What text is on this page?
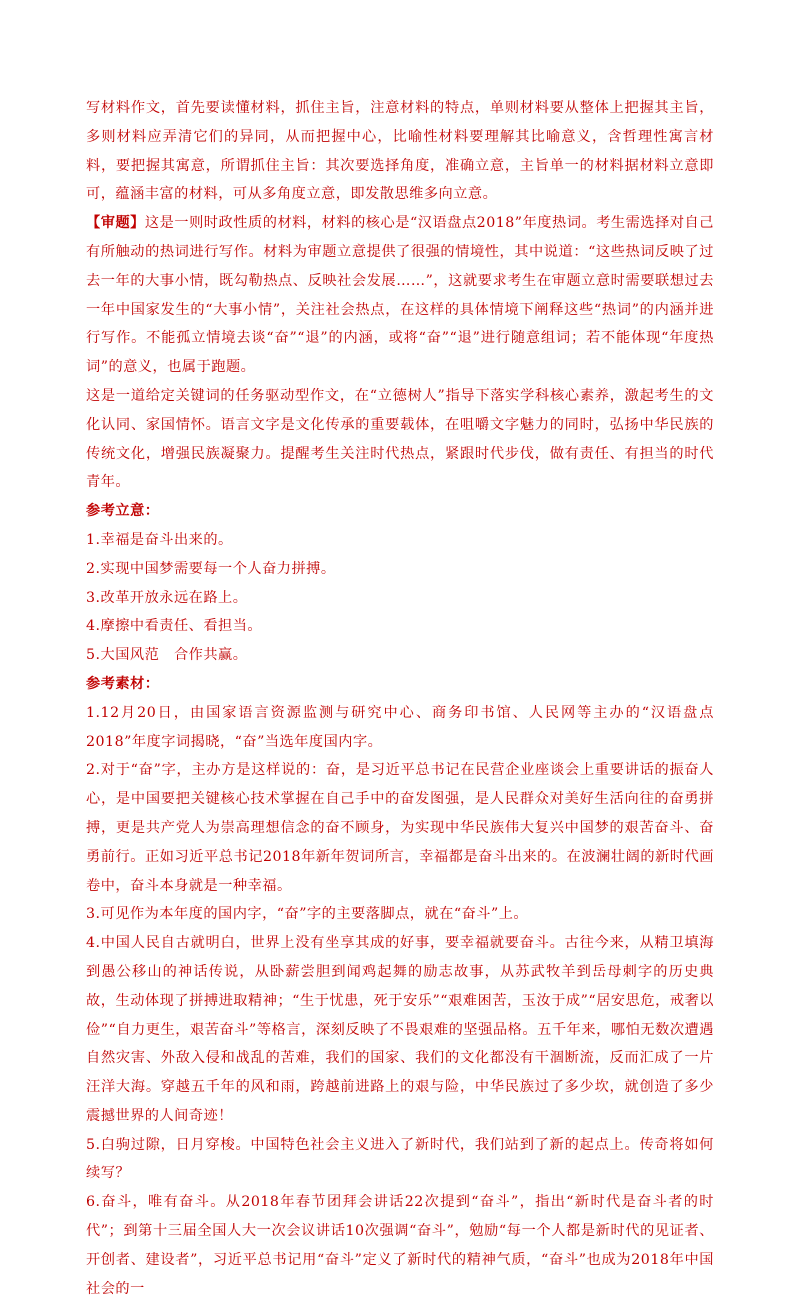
写材料作文，首先要读懂材料，抓住主旨，注意材料的特点，单则材料要从整体上把握其主旨，多则材料应弄清它们的异同，从而把握中心，比喻性材料要理解其比喻意义，含哲理性寓言材料，要把握其寓意，所谓抓住主旨：其次要选择角度，准确立意，主旨单一的材料据材料立意即可，蕴涵丰富的材料，可从多角度立意，即发散思维多向立意。

【审题】这是一则时政性质的材料，材料的核心是“汉语盘点2018”年度热词。考生需选择对自己有所触动的热词进行写作。材料为审题立意提供了很强的情境性，其中说道：“这些热词反映了过去一年的大事小情，既勾勒热点、反映社会发展……”，这就要求考生在审题立意时需要联想过去一年中国家发生的“大事小情”，关注社会热点，在这样的具体情境下阐释这些“热词”的内涵并进行写作。不能孤立情境去谈“奋”“退”的内涵，或将“奋”“退”进行随意组词；若不能体现“年度热词”的意义，也属于跑题。

这是一道给定关键词的任务驱动型作文，在“立德树人”指导下落实学科核心素养，激起考生的文化认同、家国情怀。语言文字是文化传承的重要载体，在咀嚼文字魅力的同时，弘扬中华民族的传统文化，增强民族凝聚力。提醒考生关注时代热点，紧跟时代步伐，做有责任、有担当的时代青年。

参考立意：

1.幸福是奋斗出来的。

2.实现中国梦需要每一个人奋力拼搏。

3.改革开放永远在路上。

4.摩擦中看责任、看担当。

5.大国风范　合作共赢。

参考素材：

1.12月20日，由国家语言资源监测与研究中心、商务印书馆、人民网等主办的“汉语盘点2018”年度字词揭晓，“奋”当选年度国内字。

2.对于“奋”字，主办方是这样说的：奋，是习近平总书记在民营企业座谈会上重要讲话的振奋人心，是中国要把关键核心技术掌握在自己手中的奋发图强，是人民群众对美好生活向往的奋勇拼搏，更是共产党人为崇高理想信念的奋不顾身，为实现中华民族伟大复兴中国梦的艰苦奋斗、奋勇前行。正如习近平总书记2018年新年贺词所言，幸福都是奋斗出来的。在波澜壮阔的新时代画卷中，奋斗本身就是一种幸福。

3.可见作为本年度的国内字，“奋”字的主要落脚点，就在“奋斗”上。

4.中国人民自古就明白，世界上没有坐享其成的好事，要幸福就要奋斗。古往今来，从精卫填海到愚公移山的神话传说，从卧薪尝胆到闻鸡起舞的励志故事，从苏武牧羊到岳母刺字的历史典故，生动体现了拼搏进取精神；“生于忧患，死于安乐”“艰难困苦，玉汝于成”“居安思危，戒奢以俭”“自力更生，艰苦奋斗”等格言，深刻反映了不畏艰难的坚强品格。五千年来，哪怕无数次遭遇自然灾害、外敌入侵和战乱的苦难，我们的国家、我们的文化都没有干涸断流，反而汇成了一片汪洋大海。穿越五千年的风和雨，跨越前进路上的艰与险，中华民族过了多少坎，就创造了多少震撼世界的人间奇迹！

5.白驹过隙，日月穿梭。中国特色社会主义进入了新时代，我们站到了新的起点上。传奇将如何续写？

6.奋斗，唯有奋斗。从2018年春节团拜会讲话22次提到“奋斗”，指出“新时代是奋斗者的时代”；到第十三届全国人大一次会议讲话10次强调“奋斗”，勉励“每一个人都是新时代的见证者、开创者、建设者”，习近平总书记用“奋斗”定义了新时代的精神气质，“奋斗”也成为2018年中国社会的一
